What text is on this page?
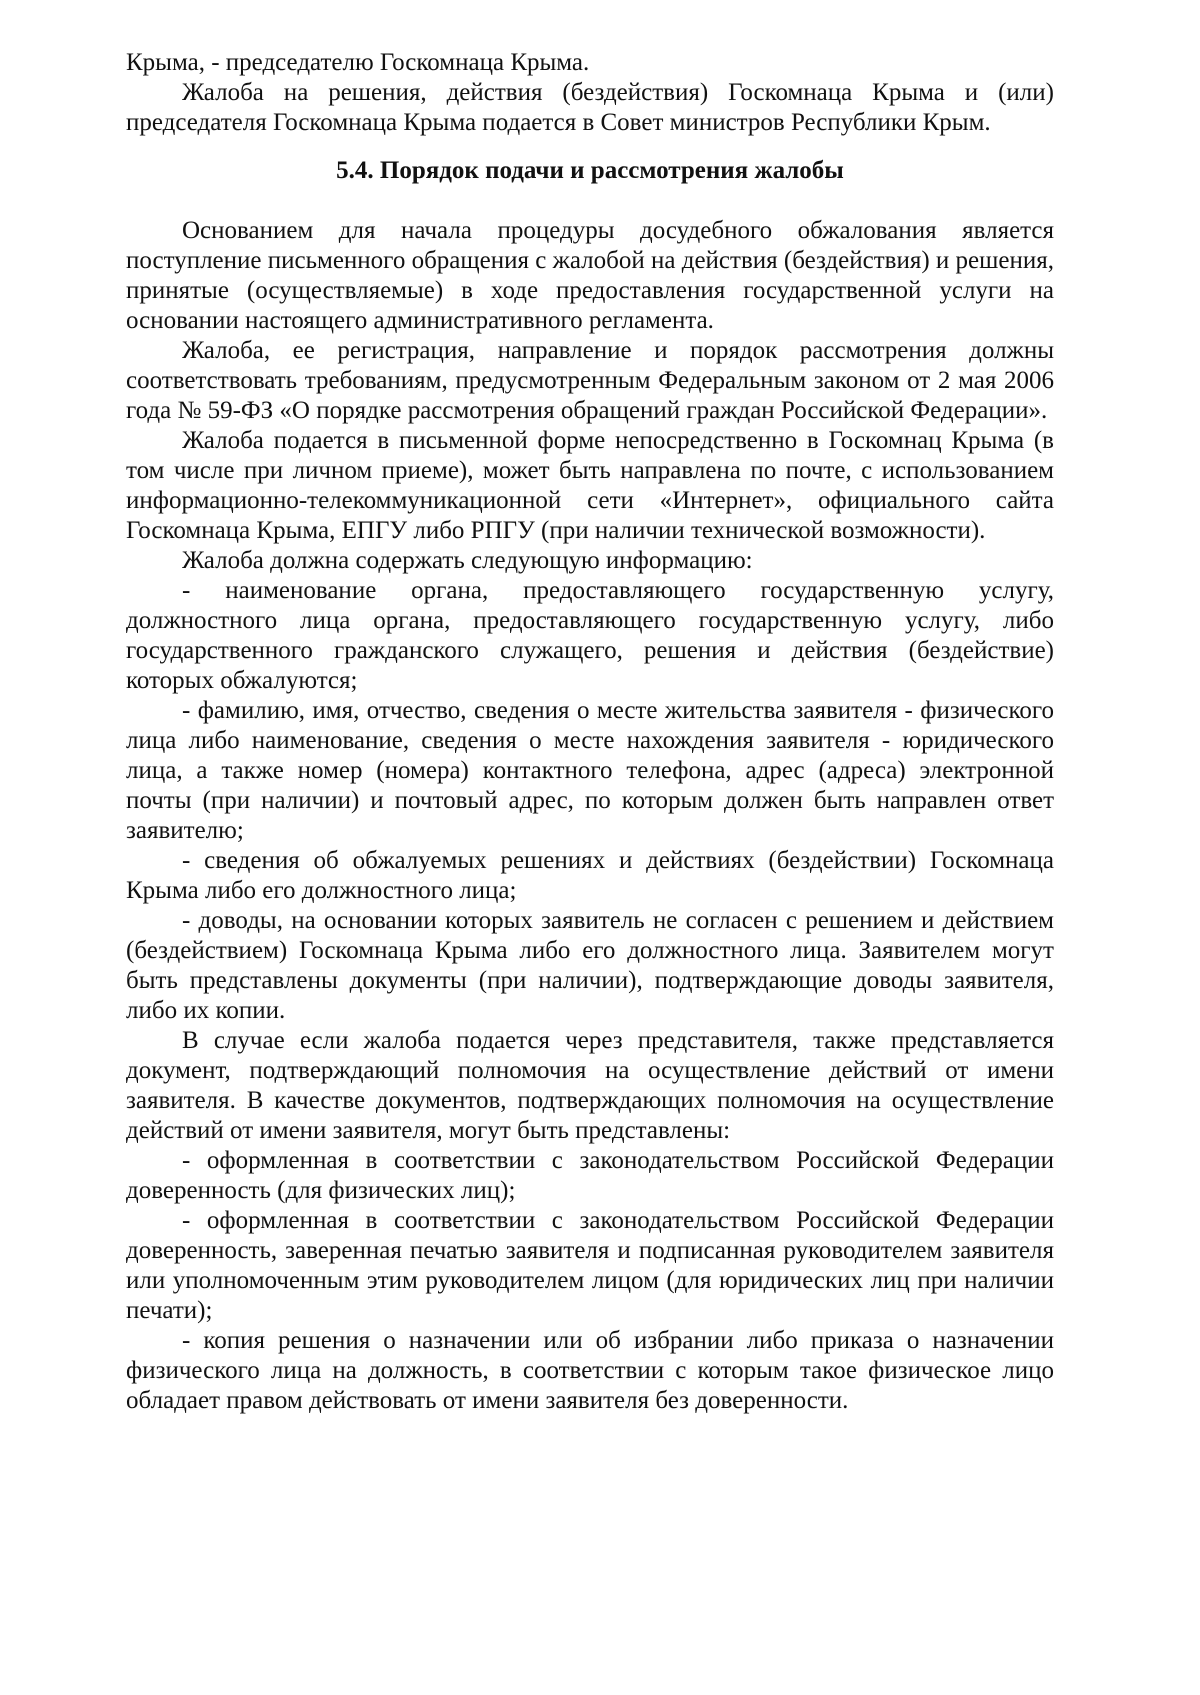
Крыма, - председателю Госкомнаца Крыма.

Жалоба на решения, действия (бездействия) Госкомнаца Крыма и (или) председателя Госкомнаца Крыма подается в Совет министров Республики Крым.

5.4. Порядок подачи и рассмотрения жалобы

Основанием для начала процедуры досудебного обжалования является поступление письменного обращения с жалобой на действия (бездействия) и решения, принятые (осуществляемые) в ходе предоставления государственной услуги на основании настоящего административного регламента.

Жалоба, ее регистрация, направление и порядок рассмотрения должны соответствовать требованиям, предусмотренным Федеральным законом от 2 мая 2006 года № 59-ФЗ «О порядке рассмотрения обращений граждан Российской Федерации».

Жалоба подается в письменной форме непосредственно в Госкомнац Крыма (в том числе при личном приеме), может быть направлена по почте, с использованием информационно-телекоммуникационной сети «Интернет», официального сайта Госкомнаца Крыма, ЕПГУ либо РПГУ (при наличии технической возможности).

Жалоба должна содержать следующую информацию:

- наименование органа, предоставляющего государственную услугу, должностного лица органа, предоставляющего государственную услугу, либо государственного гражданского служащего, решения и действия (бездействие) которых обжалуются;

- фамилию, имя, отчество, сведения о месте жительства заявителя - физического лица либо наименование, сведения о месте нахождения заявителя - юридического лица, а также номер (номера) контактного телефона, адрес (адреса) электронной почты (при наличии) и почтовый адрес, по которым должен быть направлен ответ заявителю;

- сведения об обжалуемых решениях и действиях (бездействии) Госкомнаца Крыма либо его должностного лица;

- доводы, на основании которых заявитель не согласен с решением и действием (бездействием) Госкомнаца Крыма либо его должностного лица. Заявителем могут быть представлены документы (при наличии), подтверждающие доводы заявителя, либо их копии.

В случае если жалоба подается через представителя, также представляется документ, подтверждающий полномочия на осуществление действий от имени заявителя. В качестве документов, подтверждающих полномочия на осуществление действий от имени заявителя, могут быть представлены:

- оформленная в соответствии с законодательством Российской Федерации доверенность (для физических лиц);

- оформленная в соответствии с законодательством Российской Федерации доверенность, заверенная печатью заявителя и подписанная руководителем заявителя или уполномоченным этим руководителем лицом (для юридических лиц при наличии печати);

- копия решения о назначении или об избрании либо приказа о назначении физического лица на должность, в соответствии с которым такое физическое лицо обладает правом действовать от имени заявителя без доверенности.
